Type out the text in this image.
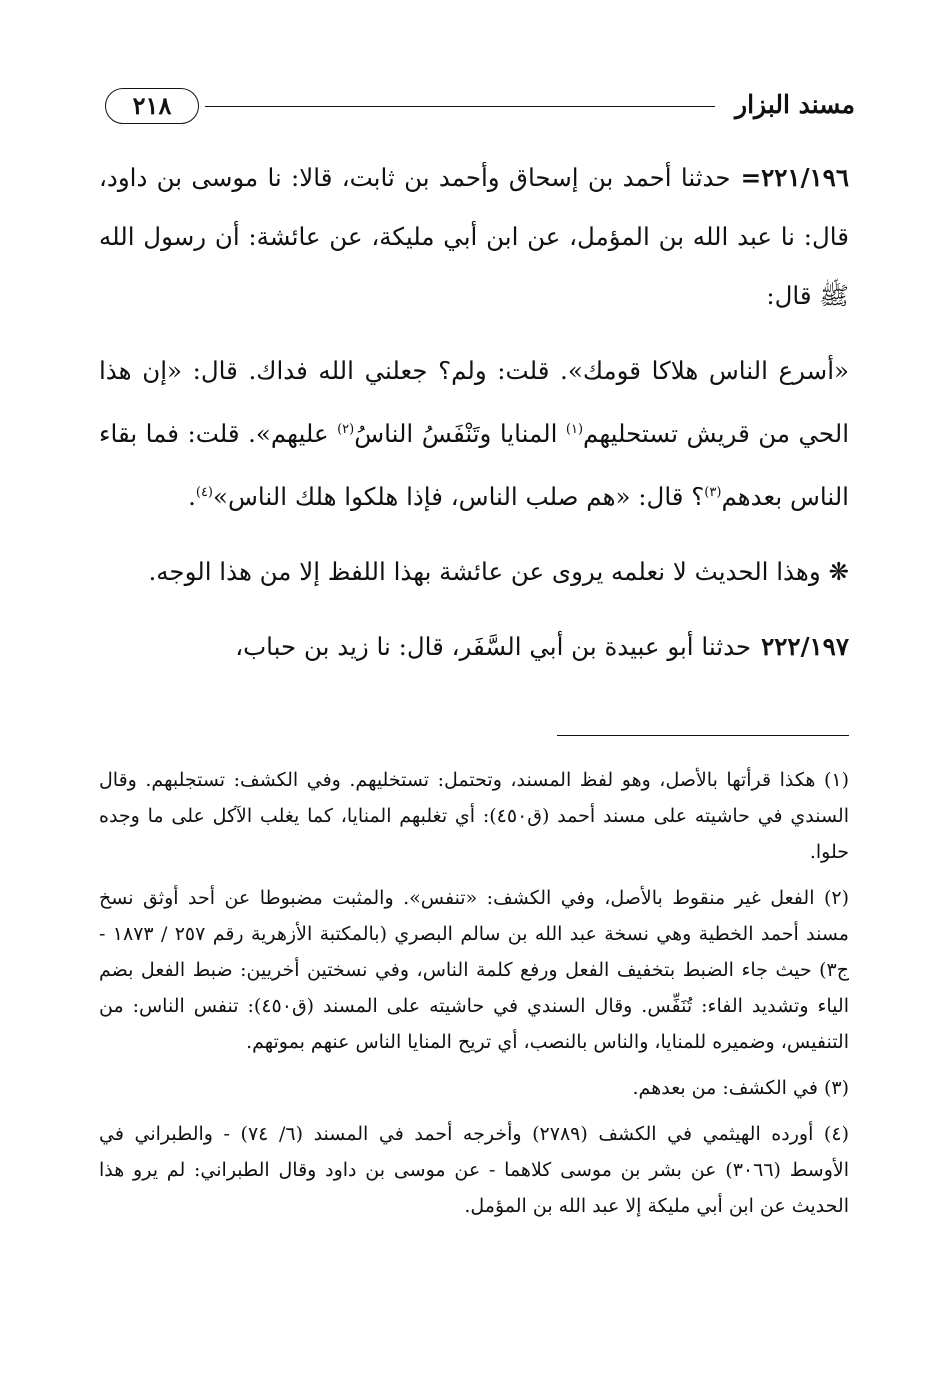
مسند البزار
٢١٨

٢٢١/١٩٦=حدثنا أحمد بن إسحاق وأحمد بن ثابت، قالا: نا موسى بن داود، قال: نا عبد الله بن المؤمل، عن ابن أبي مليكة، عن عائشة: أن رسول الله ﷺ قال:

«أسرع الناس هلاكا قومك». قلت: ولم؟ جعلني الله فداك. قال: «إن هذا الحي من قريش تستحليهم$^{(١)}$ المنايا وتَنْفَسُ الناسُ$^{(٢)}$ عليهم». قلت: فما بقاء الناس بعدهم$^{(٣)}$؟ قال: «هم صلب الناس، فإذا هلكوا هلك الناس»$^{(٤)}$.

❋ وهذا الحديث لا نعلمه يروى عن عائشة بهذا اللفظ إلا من هذا الوجه.

٢٢٢/١٩٧حدثنا أبو عبيدة بن أبي السَّفَر، قال: نا زيد بن حباب،

(١) هكذا قرأتها بالأصل، وهو لفظ المسند، وتحتمل: تستخليهم. وفي الكشف: تستجلبهم. وقال السندي في حاشيته على مسند أحمد (ق٤٥٠): أي تغلبهم المنايا، كما يغلب الآكل على ما وجده حلوا.

(٢) الفعل غير منقوط بالأصل، وفي الكشف: «تنفس». والمثبت مضبوطا عن أحد أوثق نسخ مسند أحمد الخطية وهي نسخة عبد الله بن سالم البصري (بالمكتبة الأزهرية رقم ٢٥٧ / ١٨٧٣ - ج٣) حيث جاء الضبط بتخفيف الفعل ورفع كلمة الناس، وفي نسختين أخريين: ضبط الفعل بضم الياء وتشديد الفاء: تُنَفِّس. وقال السندي في حاشيته على المسند (ق٤٥٠): تنفس الناس: من التنفيس، وضميره للمنايا، والناس بالنصب، أي تريح المنايا الناس عنهم بموتهم.

(٣) في الكشف: من بعدهم.

(٤) أورده الهيثمي في الكشف (٢٧٨٩) وأخرجه أحمد في المسند (٦/ ٧٤) - والطبراني في الأوسط (٣٠٦٦) عن بشر بن موسى كلاهما - عن موسى بن داود وقال الطبراني: لم يرو هذا الحديث عن ابن أبي مليكة إلا عبد الله بن المؤمل.
